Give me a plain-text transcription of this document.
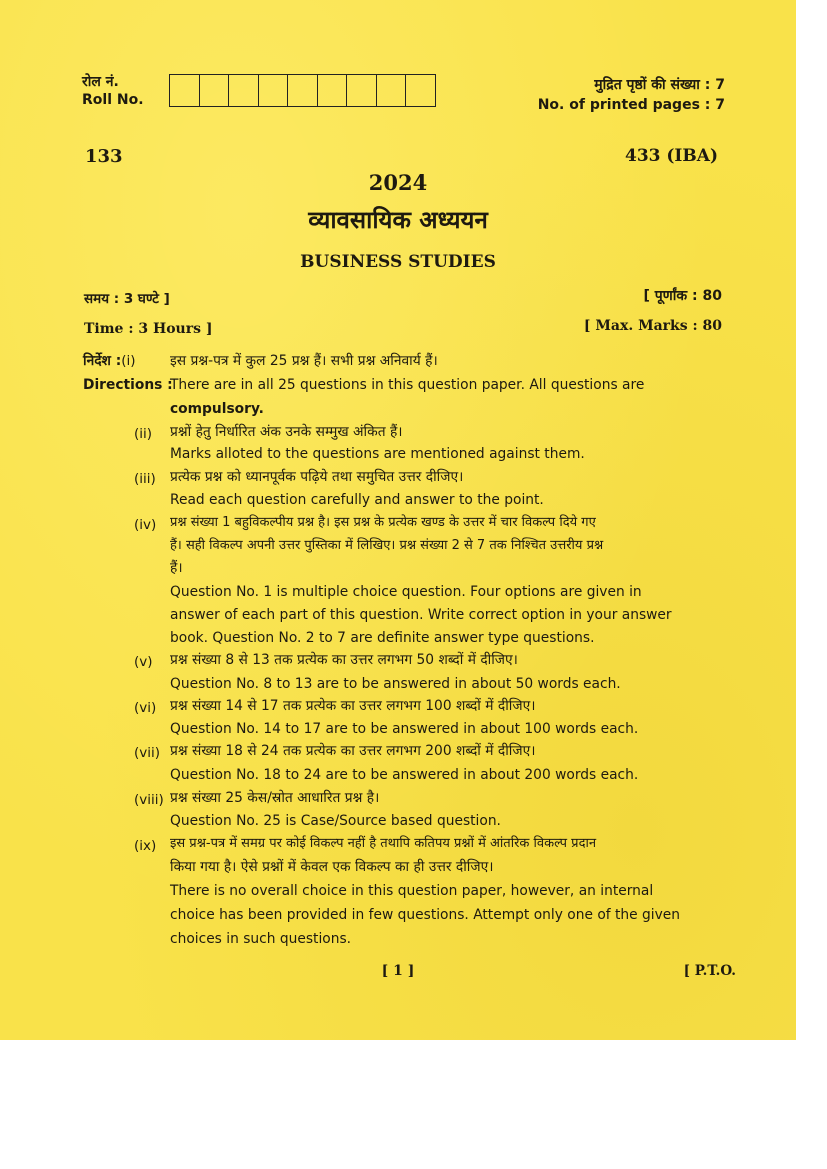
रोल नं.
Roll No.
मुद्रित पृष्ठों की संख्या : 7
No. of printed pages : 7
133	433 (IBA)
2024
व्यावसायिक अध्ययन
BUSINESS STUDIES
समय : 3 घण्टे ]	[ पूर्णांक : 80
Time : 3 Hours ]	[ Max. Marks : 80
निर्देश :(i) इस प्रश्न-पत्र में कुल 25 प्रश्न हैं। सभी प्रश्न अनिवार्य हैं।
Directions :
There are in all 25 questions in this question paper. All questions are
compulsory.
(ii) प्रश्नों हेतु निर्धारित अंक उनके सम्मुख अंकित हैं।
Marks alloted to the questions are mentioned against them.
(iii) प्रत्येक प्रश्न को ध्यानपूर्वक पढ़िये तथा समुचित उत्तर दीजिए।
Read each question carefully and answer to the point.
(iv) प्रश्न संख्या 1 बहुविकल्पीय प्रश्न है। इस प्रश्न के प्रत्येक खण्ड के उत्तर में चार विकल्प दिये गए
हैं। सही विकल्प अपनी उत्तर पुस्तिका में लिखिए। प्रश्न संख्या 2 से 7 तक निश्चित उत्तरीय प्रश्न
हैं।
Question No. 1 is multiple choice question. Four options are given in
answer of each part of this question. Write correct option in your answer
book. Question No. 2 to 7 are definite answer type questions.
(v) प्रश्न संख्या 8 से 13 तक प्रत्येक का उत्तर लगभग 50 शब्दों में दीजिए।
Question No. 8 to 13 are to be answered in about 50 words each.
(vi) प्रश्न संख्या 14 से 17 तक प्रत्येक का उत्तर लगभग 100 शब्दों में दीजिए।
Question No. 14 to 17 are to be answered in about 100 words each.
(vii) प्रश्न संख्या 18 से 24 तक प्रत्येक का उत्तर लगभग 200 शब्दों में दीजिए।
Question No. 18 to 24 are to be answered in about 200 words each.
(viii) प्रश्न संख्या 25 केस/स्रोत आधारित प्रश्न है।
Question No. 25 is Case/Source based question.
(ix) इस प्रश्न-पत्र में समग्र पर कोई विकल्प नहीं है तथापि कतिपय प्रश्नों में आंतरिक विकल्प प्रदान
किया गया है। ऐसे प्रश्नों में केवल एक विकल्प का ही उत्तर दीजिए।
There is no overall choice in this question paper, however, an internal
choice has been provided in few questions. Attempt only one of the given
choices in such questions.
[ 1 ]	[ P.T.O.
